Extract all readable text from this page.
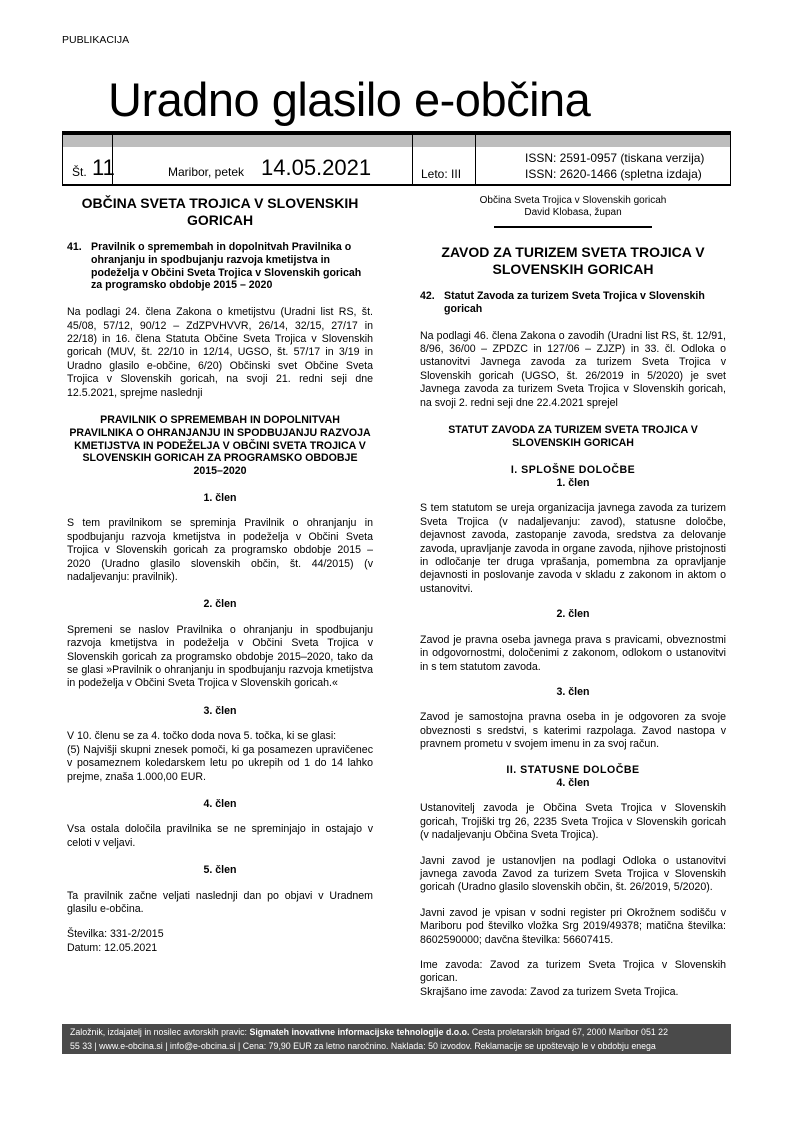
PUBLIKACIJA
Uradno glasilo e-občina
Št. 11	Maribor, petek 14.05.2021	Leto: III
ISSN: 2591-0957 (tiskana verzija)
ISSN: 2620-1466 (spletna izdaja)
OBČINA SVETA TROJICA V SLOVENSKIH GORICAH
41. Pravilnik o spremembah in dopolnitvah Pravilnika o ohranjanju in spodbujanju razvoja kmetijstva in podeželja v Občini Sveta Trojica v Slovenskih goricah za programsko obdobje 2015 – 2020

Na podlagi 24. člena Zakona o kmetijstvu (Uradni list RS, št. 45/08, 57/12, 90/12 – ZdZPVHVVR, 26/14, 32/15, 27/17 in 22/18) in 16. člena Statuta Občine Sveta Trojica v Slovenskih goricah (MUV, št. 22/10 in 12/14, UGSO, št. 57/17 in 3/19 in Uradno glasilo e-občine, 6/20) Občinski svet Občine Sveta Trojica v Slovenskih goricah, na svoji 21. redni seji dne 12.5.2021, sprejme naslednji

PRAVILNIK O SPREMEMBAH IN DOPOLNITVAH PRAVILNIKA O OHRANJANJU IN SPODBUJANJU RAZVOJA KMETIJSTVA IN PODEŽELJA V OBČINI SVETA TROJICA V SLOVENSKIH GORICAH ZA PROGRAMSKO OBDOBJE 2015–2020
1. člen

S tem pravilnikom se spreminja Pravilnik o ohranjanju in spodbujanju razvoja kmetijstva in podeželja v Občini Sveta Trojica v Slovenskih goricah za programsko obdobje 2015 – 2020 (Uradno glasilo slovenskih občin, št. 44/2015) (v nadaljevanju: pravilnik).

2. člen

Spremeni se naslov Pravilnika o ohranjanju in spodbujanju razvoja kmetijstva in podeželja v Občini Sveta Trojica v Slovenskih goricah za programsko obdobje 2015–2020, tako da se glasi »Pravilnik o ohranjanju in spodbujanju razvoja kmetijstva in podeželja v Občini Sveta Trojica v Slovenskih goricah.«

3. člen

V 10. členu se za 4. točko doda nova 5. točka, ki se glasi:

(5) Najvišji skupni znesek pomoči, ki ga posamezen upravičenec v posameznem koledarskem letu po ukrepih od 1 do 14 lahko prejme, znaša 1.000,00 EUR.

4. člen

Vsa ostala določila pravilnika se ne spreminjajo in ostajajo v celoti v veljavi.

5. člen

Ta pravilnik začne veljati naslednji dan po objavi v Uradnem glasilu e-občina.

Številka: 331-2/2015

Datum: 12.05.2021

Občina Sveta Trojica v Slovenskih goricah

David Klobasa, župan

ZAVOD ZA TURIZEM SVETA TROJICA V SLOVENSKIH GORICAH
42. Statut Zavoda za turizem Sveta Trojica v Slovenskih goricah

Na podlagi 46. člena Zakona o zavodih (Uradni list RS, št. 12/91, 8/96, 36/00 – ZPDZC in 127/06 – ZJZP) in 33. čl. Odloka o ustanovitvi Javnega zavoda za turizem Sveta Trojica v Slovenskih goricah (UGSO, št. 26/2019 in 5/2020) je svet Javnega zavoda za turizem Sveta Trojica v Slovenskih goricah, na svoji 2. redni seji dne 22.4.2021 sprejel

STATUT ZAVODA ZA TURIZEM SVETA TROJICA V SLOVENSKIH GORICAH
I. SPLOŠNE DOLOČBE
1. člen

S tem statutom se ureja organizacija javnega zavoda za turizem Sveta Trojica (v nadaljevanju: zavod), statusne določbe, dejavnost zavoda, zastopanje zavoda, sredstva za delovanje zavoda, upravljanje zavoda in organe zavoda, njihove pristojnosti in odločanje ter druga vprašanja, pomembna za opravljanje dejavnosti in poslovanje zavoda v skladu z zakonom in aktom o ustanovitvi.

2. člen

Zavod je pravna oseba javnega prava s pravicami, obveznostmi in odgovornostmi, določenimi z zakonom, odlokom o ustanovitvi in s tem statutom zavoda.

3. člen

Zavod je samostojna pravna oseba in je odgovoren za svoje obveznosti s sredstvi, s katerimi razpolaga. Zavod nastopa v pravnem prometu v svojem imenu in za svoj račun.

II. STATUSNE DOLOČBE
4. člen

Ustanovitelj zavoda je Občina Sveta Trojica v Slovenskih goricah, Trojiški trg 26, 2235 Sveta Trojica v Slovenskih goricah (v nadaljevanju Občina Sveta Trojica).

Javni zavod je ustanovljen na podlagi Odloka o ustanovitvi javnega zavoda Zavod za turizem Sveta Trojica v Slovenskih goricah (Uradno glasilo slovenskih občin, št. 26/2019, 5/2020).

Javni zavod je vpisan v sodni register pri Okrožnem sodišču v Mariboru pod številko vložka Srg 2019/49378; matična številka: 8602590000; davčna številka: 56607415.

Ime zavoda: Zavod za turizem Sveta Trojica v Slovenskih gorican.

Skrajšano ime zavoda: Zavod za turizem Sveta Trojica.

Založnik, izdajatelj in nosilec avtorskih pravic: Sigmateh inovativne informacijske tehnologije d.o.o. Cesta proletarskih brigad 67, 2000 Maribor 051 22
55 33 | www.e-obcina.si | info@e-obcina.si | Cena: 79,90 EUR za letno naročnino. Naklada: 50 izvodov. Reklamacije se upoštevajo le v obdobju enega
